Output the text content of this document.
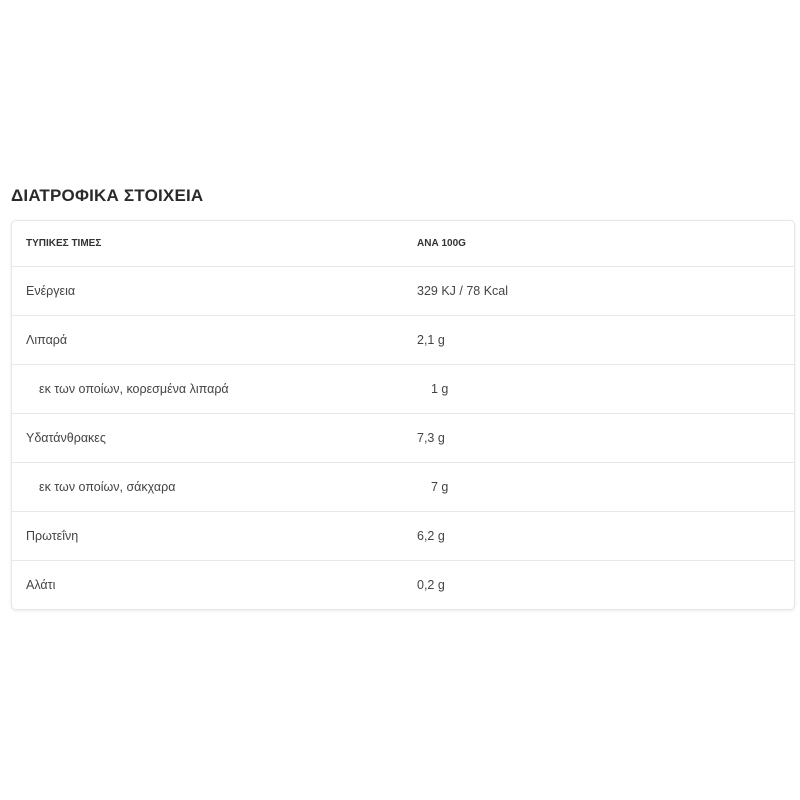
ΔΙΑΤΡΟΦΙΚΑ ΣΤΟΙΧΕΙΑ
ΤΥΠΙΚΕΣ ΤΙΜΕΣ	ΑΝΑ 100G
Ενέργεια	329 KJ / 78 Kcal
Λιπαρά	2,1 g
εκ των οποίων, κορεσμένα λιπαρά	1 g
Υδατάνθρακες	7,3 g
εκ των οποίων, σάκχαρα	7 g
Πρωτεΐνη	6,2 g
Αλάτι	0,2 g
